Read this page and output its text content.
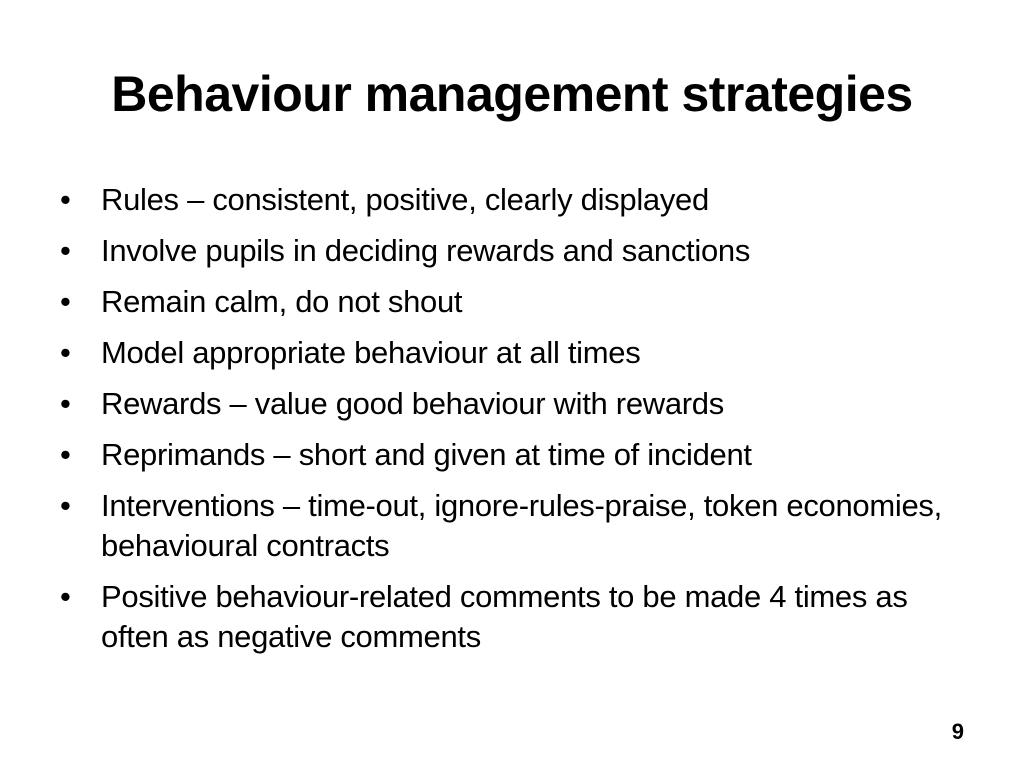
Behaviour management strategies
• Rules – consistent, positive, clearly displayed
• Involve pupils in deciding rewards and sanctions
• Remain calm, do not shout
• Model appropriate behaviour at all times
• Rewards – value good behaviour with rewards
• Reprimands – short and given at time of incident
• Interventions – time-out, ignore-rules-praise, token economies, behavioural contracts
• Positive behaviour-related comments to be made 4 times as often as negative comments
9
